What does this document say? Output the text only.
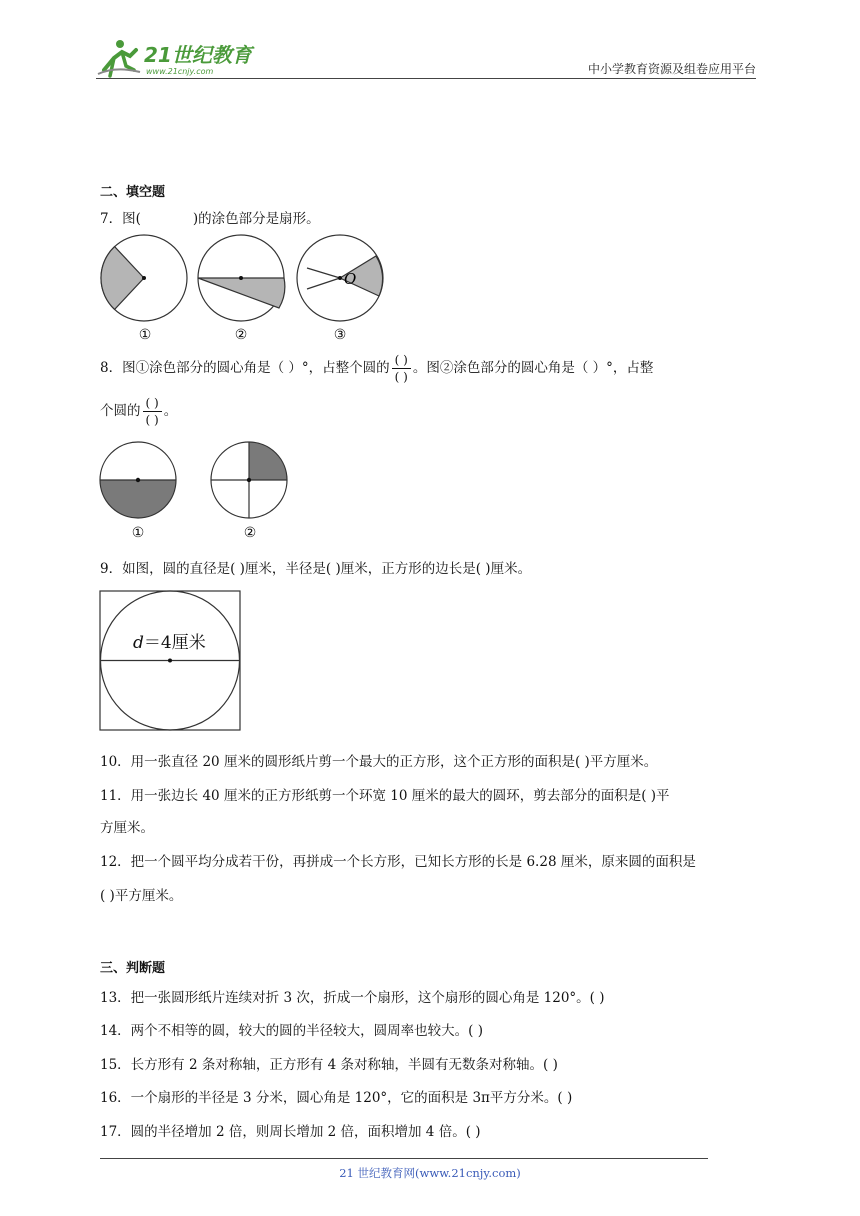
21世纪教育
www.21cnjy.com	中小学教育资源及组卷应用平台
二、填空题
7．图(	)的涂色部分是扇形。
O
①	②	③
8．图①涂色部分的圆心角是（ ）°，占整个圆的 $\frac{( )}{( )}$ 。图②涂色部分的圆心角是（ ）°，占整
个圆的 $\frac{( )}{( )}$ 。
①	②
9．如图，圆的直径是( )厘米，半径是( )厘米，正方形的边长是( )厘米。
d＝4厘米
10．用一张直径 20 厘米的圆形纸片剪一个最大的正方形，这个正方形的面积是( )平方厘米。
11．用一张边长 40 厘米的正方形纸剪一个环宽 10 厘米的最大的圆环，剪去部分的面积是( )平
方厘米。
12．把一个圆平均分成若干份，再拼成一个长方形，已知长方形的长是 6.28 厘米，原来圆的面积是
( )平方厘米。
三、判断题
13．把一张圆形纸片连续对折 3 次，折成一个扇形，这个扇形的圆心角是 120°。( )
14．两个不相等的圆，较大的圆的半径较大，圆周率也较大。( )
15．长方形有 2 条对称轴，正方形有 4 条对称轴，半圆有无数条对称轴。( )
16．一个扇形的半径是 3 分米，圆心角是 120°，它的面积是 3π平方分米。( )
17．圆的半径增加 2 倍，则周长增加 2 倍，面积增加 4 倍。( )
21 世纪教育网(www.21cnjy.com)
